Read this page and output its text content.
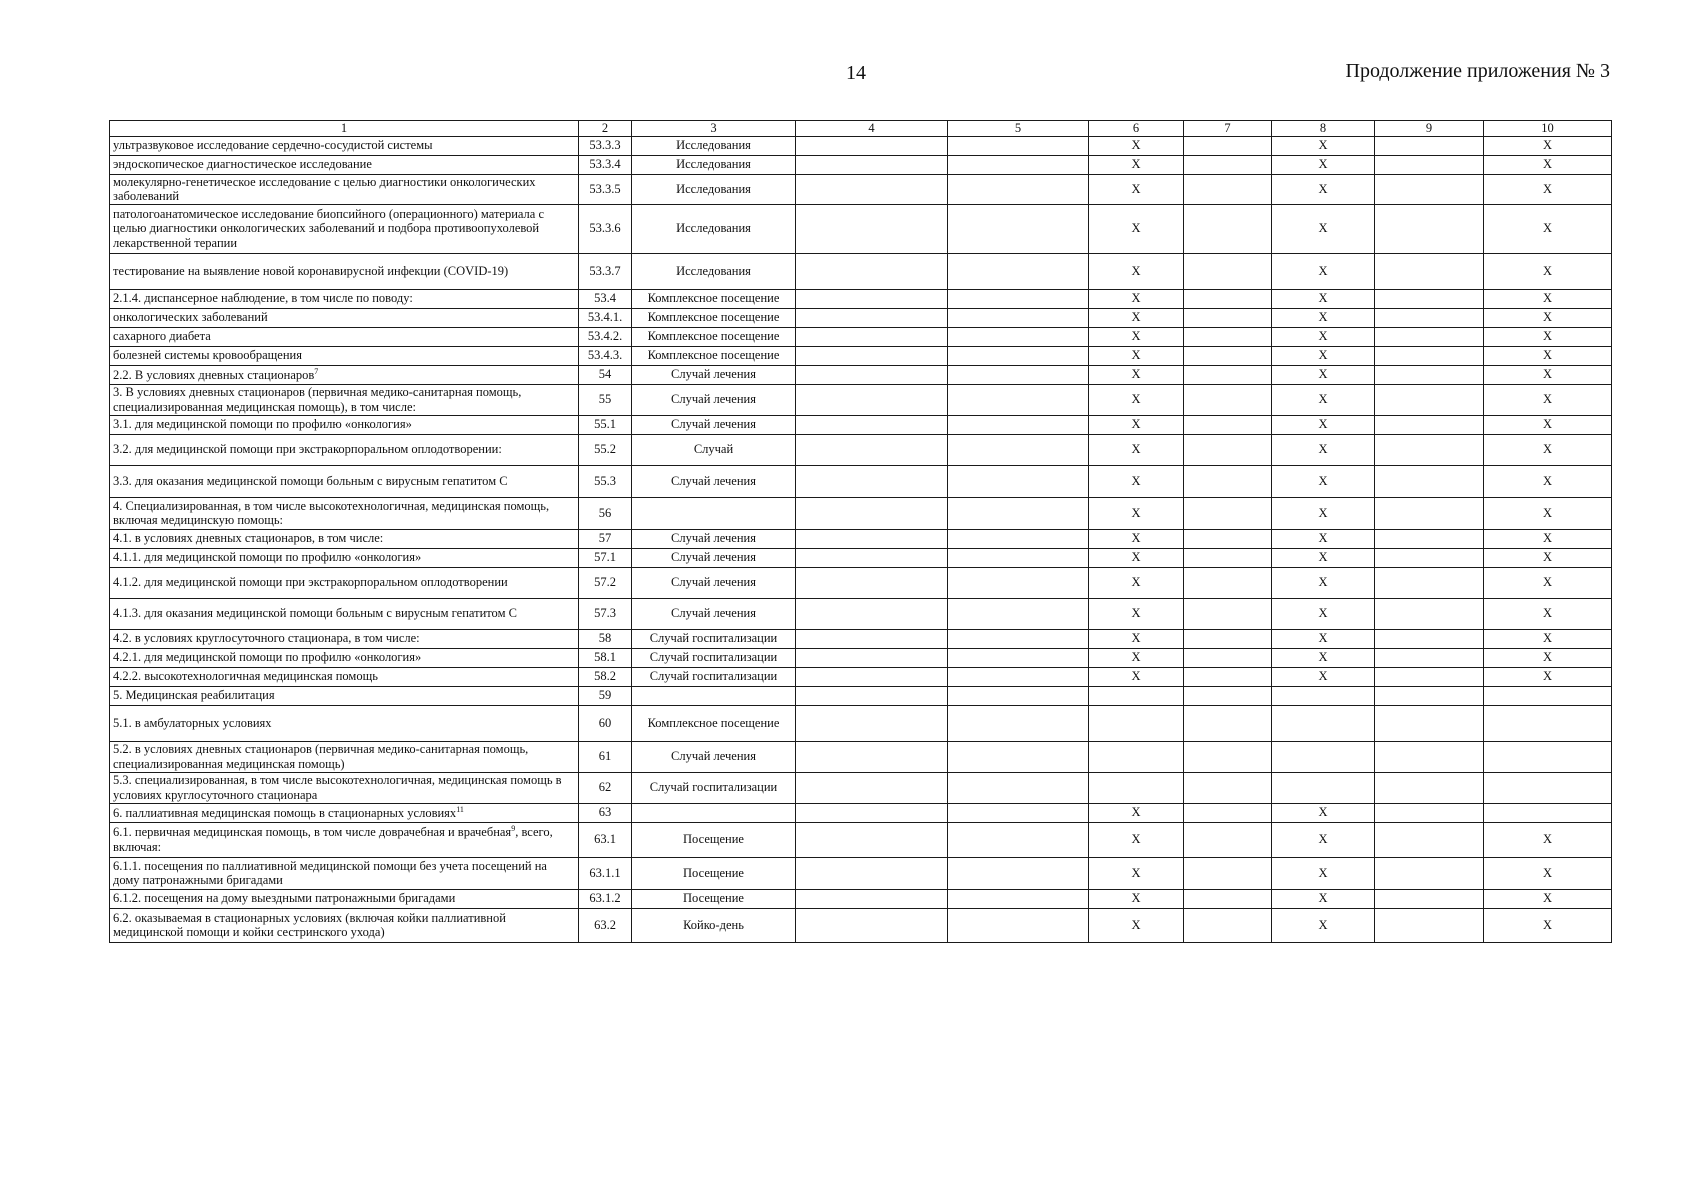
14	Продолжение приложения № 3
1	2	3	4	5	6	7	8	9	10
ультразвуковое исследование сердечно-сосудистой системы	53.3.3	Исследования			X		X		X
эндоскопическое диагностическое исследование	53.3.4	Исследования			X		X		X
молекулярно-генетическое исследование с целью диагностики онкологических заболеваний	53.3.5	Исследования			X		X		X
патологоанатомическое исследование биопсийного (операционного) материала с целью диагностики онкологических заболеваний и подбора противоопухолевой лекарственной терапии	53.3.6	Исследования			X		X		X
тестирование на выявление новой коронавирусной инфекции (COVID-19)	53.3.7	Исследования			X		X		X
2.1.4. диспансерное наблюдение, в том числе по поводу:	53.4	Комплексное посещение			X		X		X
онкологических заболеваний	53.4.1.	Комплексное посещение			X		X		X
сахарного диабета	53.4.2.	Комплексное посещение			X		X		X
болезней системы кровообращения	53.4.3.	Комплексное посещение			X		X		X
2.2. В условиях дневных стационаров$^7$	54	Случай лечения			X		X		X
3. В условиях дневных стационаров (первичная медико-санитарная помощь, специализированная медицинская помощь), в том числе:	55	Случай лечения			X		X		X
3.1. для медицинской помощи по профилю «онкология»	55.1	Случай лечения			X		X		X
3.2. для медицинской помощи при экстракорпоральном оплодотворении:	55.2	Случай			X		X		X
3.3. для оказания медицинской помощи больным с вирусным гепатитом С	55.3	Случай лечения			X		X		X
4. Специализированная, в том числе высокотехнологичная, медицинская помощь, включая медицинскую помощь:	56				X		X		X
4.1. в условиях дневных стационаров, в том числе:	57	Случай лечения			X		X		X
4.1.1. для медицинской помощи по профилю «онкология»	57.1	Случай лечения			X		X		X
4.1.2. для медицинской помощи при экстракорпоральном оплодотворении	57.2	Случай лечения			X		X		X
4.1.3. для оказания медицинской помощи больным с вирусным гепатитом С	57.3	Случай лечения			X		X		X
4.2. в условиях круглосуточного стационара, в том числе:	58	Случай госпитализации			X		X		X
4.2.1. для медицинской помощи по профилю «онкология»	58.1	Случай госпитализации			X		X		X
4.2.2. высокотехнологичная медицинская помощь	58.2	Случай госпитализации			X		X		X
5. Медицинская реабилитация	59								
5.1. в амбулаторных условиях	60	Комплексное посещение							
5.2. в условиях дневных стационаров (первичная медико-санитарная помощь, специализированная медицинская помощь)	61	Случай лечения							
5.3. специализированная, в том числе высокотехнологичная, медицинская помощь в условиях круглосуточного стационара	62	Случай госпитализации							
6. паллиативная медицинская помощь в стационарных условиях$^{11}$	63				X		X		
6.1. первичная медицинская помощь, в том числе доврачебная и врачебная$^9$, всего, включая:	63.1	Посещение			X		X		X
6.1.1. посещения по паллиативной медицинской помощи без учета посещений на дому патронажными бригадами	63.1.1	Посещение			X		X		X
6.1.2. посещения на дому выездными патронажными бригадами	63.1.2	Посещение			X		X		X
6.2. оказываемая в стационарных условиях (включая койки паллиативной медицинской помощи и койки сестринского ухода)	63.2	Койко-день			X		X		X
